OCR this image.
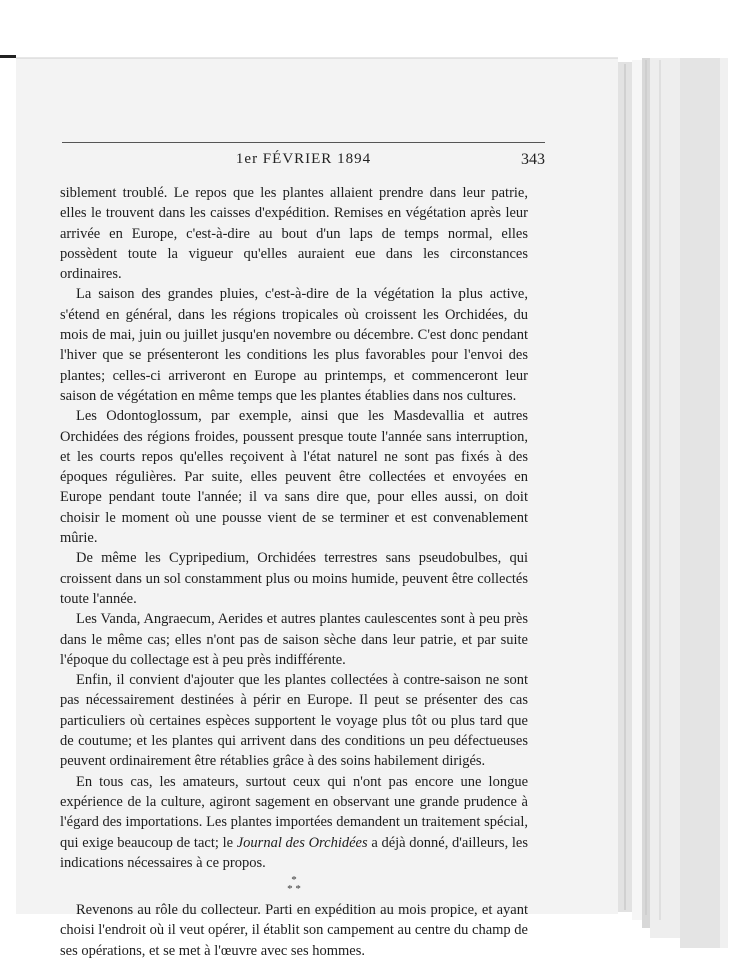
1er FÉVRIER 1894	343

siblement troublé. Le repos que les plantes allaient prendre dans leur patrie, elles le trouvent dans les caisses d'expédition. Remises en végétation après leur arrivée en Europe, c'est-à-dire au bout d'un laps de temps normal, elles possèdent toute la vigueur qu'elles auraient eue dans les circonstances ordinaires.

La saison des grandes pluies, c'est-à-dire de la végétation la plus active, s'étend en général, dans les régions tropicales où croissent les Orchidées, du mois de mai, juin ou juillet jusqu'en novembre ou décembre. C'est donc pendant l'hiver que se présenteront les conditions les plus favorables pour l'envoi des plantes; celles-ci arriveront en Europe au printemps, et commenceront leur saison de végétation en même temps que les plantes établies dans nos cultures.

Les Odontoglossum, par exemple, ainsi que les Masdevallia et autres Orchidées des régions froides, poussent presque toute l'année sans interruption, et les courts repos qu'elles reçoivent à l'état naturel ne sont pas fixés à des époques régulières. Par suite, elles peuvent être collectées et envoyées en Europe pendant toute l'année; il va sans dire que, pour elles aussi, on doit choisir le moment où une pousse vient de se terminer et est convenablement mûrie.

De même les Cypripedium, Orchidées terrestres sans pseudobulbes, qui croissent dans un sol constamment plus ou moins humide, peuvent être collectés toute l'année.

Les Vanda, Angraecum, Aerides et autres plantes caulescentes sont à peu près dans le même cas; elles n'ont pas de saison sèche dans leur patrie, et par suite l'époque du collectage est à peu près indifférente.

Enfin, il convient d'ajouter que les plantes collectées à contre-saison ne sont pas nécessairement destinées à périr en Europe. Il peut se présenter des cas particuliers où certaines espèces supportent le voyage plus tôt ou plus tard que de coutume; et les plantes qui arrivent dans des conditions un peu défectueuses peuvent ordinairement être rétablies grâce à des soins habilement dirigés.

En tous cas, les amateurs, surtout ceux qui n'ont pas encore une longue expérience de la culture, agiront sagement en observant une grande prudence à l'égard des importations. Les plantes importées demandent un traitement spécial, qui exige beaucoup de tact; le Journal des Orchidées a déjà donné, d'ailleurs, les indications nécessaires à ce propos.

*
* *

Revenons au rôle du collecteur. Parti en expédition au mois propice, et ayant choisi l'endroit où il veut opérer, il établit son campement au centre du champ de ses opérations, et se met à l'œuvre avec ses hommes.
